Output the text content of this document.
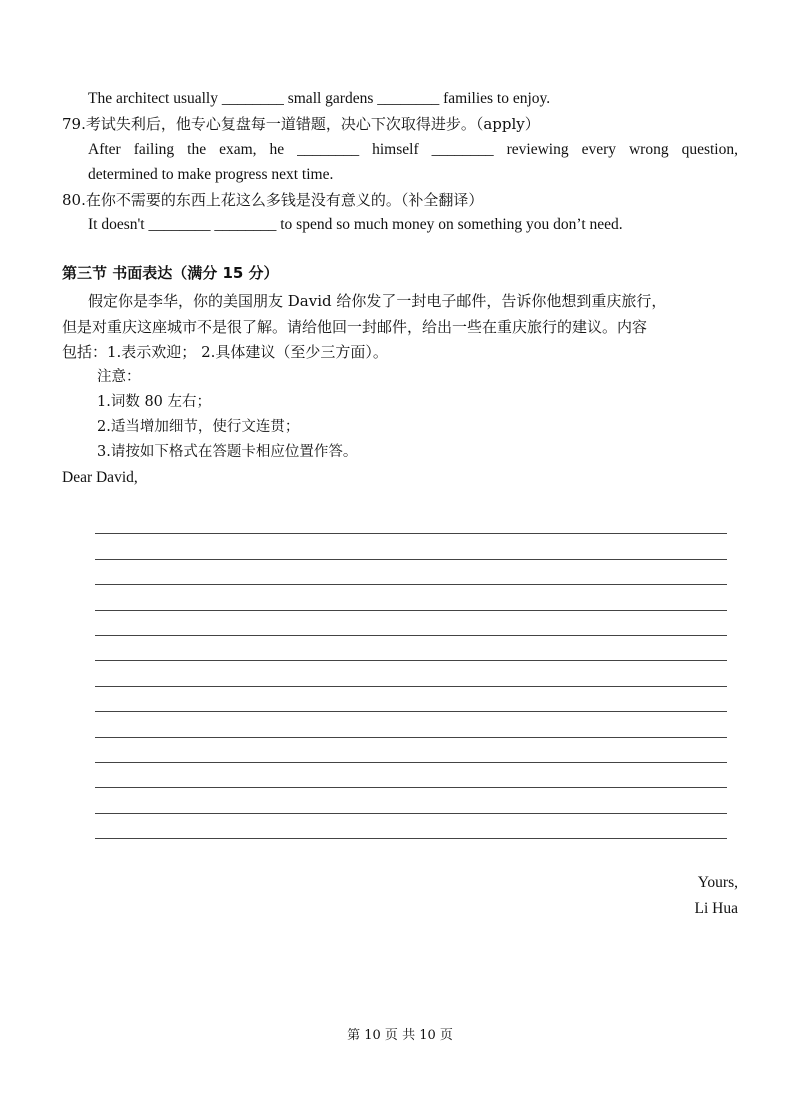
The architect usually ________ small gardens ________ families to enjoy.
79.考试失利后，他专心复盘每一道错题，决心下次取得进步。（apply）
After failing the exam, he ________ himself ________ reviewing every wrong question,
determined to make progress next time.
80.在你不需要的东西上花这么多钱是没有意义的。（补全翻译）
It doesn't ________ ________ to spend so much money on something you don’t need.
第三节 书面表达（满分 15 分）
假定你是李华，你的美国朋友 David 给你发了一封电子邮件，告诉你他想到重庆旅行，
但是对重庆这座城市不是很了解。请给他回一封邮件，给出一些在重庆旅行的建议。内容
包括：1.表示欢迎； 2.具体建议（至少三方面）。
注意：
1.词数 80 左右；
2.适当增加细节，使行文连贯；
3.请按如下格式在答题卡相应位置作答。
Dear David,
Yours,
Li Hua
第 10 页 共 10 页
